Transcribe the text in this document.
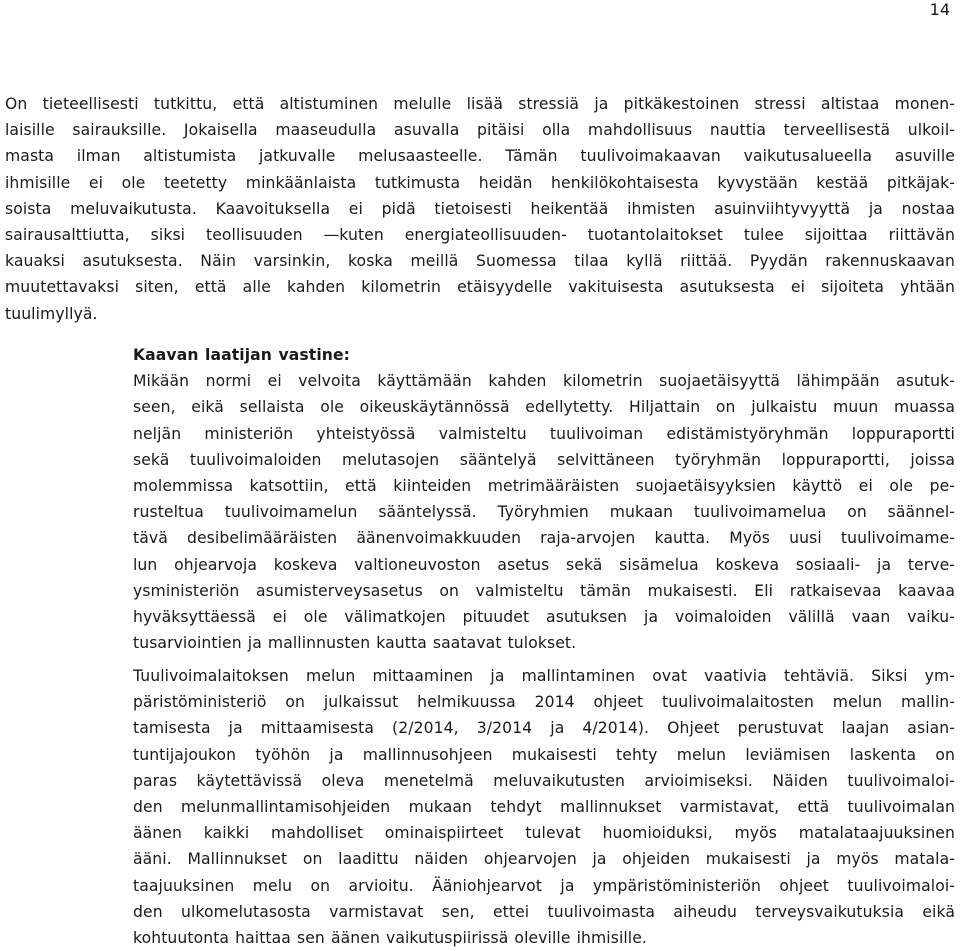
14
On tieteellisesti tutkittu, että altistuminen melulle lisää stressiä ja pitkäkestoinen stressi altistaa monen-
laisille sairauksille. Jokaisella maaseudulla asuvalla pitäisi olla mahdollisuus nauttia terveellisestä ulkoil-
masta ilman altistumista jatkuvalle melusaasteelle. Tämän tuulivoimakaavan vaikutusalueella asuville
ihmisille ei ole teetetty minkäänlaista tutkimusta heidän henkilökohtaisesta kyvystään kestää pitkäjak-
soista meluvaikutusta. Kaavoituksella ei pidä tietoisesti heikentää ihmisten asuinviihtyvyyttä ja nostaa
sairausalttiutta, siksi teollisuuden —kuten energiateollisuuden- tuotantolaitokset tulee sijoittaa riittävän
kauaksi asutuksesta. Näin varsinkin, koska meillä Suomessa tilaa kyllä riittää. Pyydän rakennuskaavan
muutettavaksi siten, että alle kahden kilometrin etäisyydelle vakituisesta asutuksesta ei sijoiteta yhtään
tuulimyllyä.
Kaavan laatijan vastine:
Mikään normi ei velvoita käyttämään kahden kilometrin suojaetäisyyttä lähimpään asutuk-
seen, eikä sellaista ole oikeuskäytännössä edellytetty. Hiljattain on julkaistu muun muassa
neljän ministeriön yhteistyössä valmisteltu tuulivoiman edistämistyöryhmän loppuraportti
sekä tuulivoimaloiden melutasojen sääntelyä selvittäneen työryhmän loppuraportti, joissa
molemmissa katsottiin, että kiinteiden metrimääräisten suojaetäisyyksien käyttö ei ole pe-
rusteltua tuulivoimamelun sääntelyssä. Työryhmien mukaan tuulivoimamelua on säännel-
tävä desibelimääräisten äänenvoimakkuuden raja-arvojen kautta. Myös uusi tuulivoimame-
lun ohjearvoja koskeva valtioneuvoston asetus sekä sisämelua koskeva sosiaali- ja terve-
ysministeriön asumisterveysasetus on valmisteltu tämän mukaisesti. Eli ratkaisevaa kaavaa
hyväksyttäessä ei ole välimatkojen pituudet asutuksen ja voimaloiden välillä vaan vaiku-
tusarviointien ja mallinnusten kautta saatavat tulokset.
Tuulivoimalaitoksen melun mittaaminen ja mallintaminen ovat vaativia tehtäviä. Siksi ym-
päristöministeriö on julkaissut helmikuussa 2014 ohjeet tuulivoimalaitosten melun mallin-
tamisesta ja mittaamisesta (2/2014, 3/2014 ja 4/2014). Ohjeet perustuvat laajan asian-
tuntijajoukon työhön ja mallinnusohjeen mukaisesti tehty melun leviämisen laskenta on
paras käytettävissä oleva menetelmä meluvaikutusten arvioimiseksi. Näiden tuulivoimaloi-
den melunmallintamisohjeiden mukaan tehdyt mallinnukset varmistavat, että tuulivoimalan
äänen kaikki mahdolliset ominaispiirteet tulevat huomioiduksi, myös matalataajuuksinen
ääni. Mallinnukset on laadittu näiden ohjearvojen ja ohjeiden mukaisesti ja myös matala-
taajuuksinen melu on arvioitu. Ääniohjearvot ja ympäristöministeriön ohjeet tuulivoimaloi-
den ulkomelutasosta varmistavat sen, ettei tuulivoimasta aiheudu terveysvaikutuksia eikä
kohtuutonta haittaa sen äänen vaikutuspiirissä oleville ihmisille.
